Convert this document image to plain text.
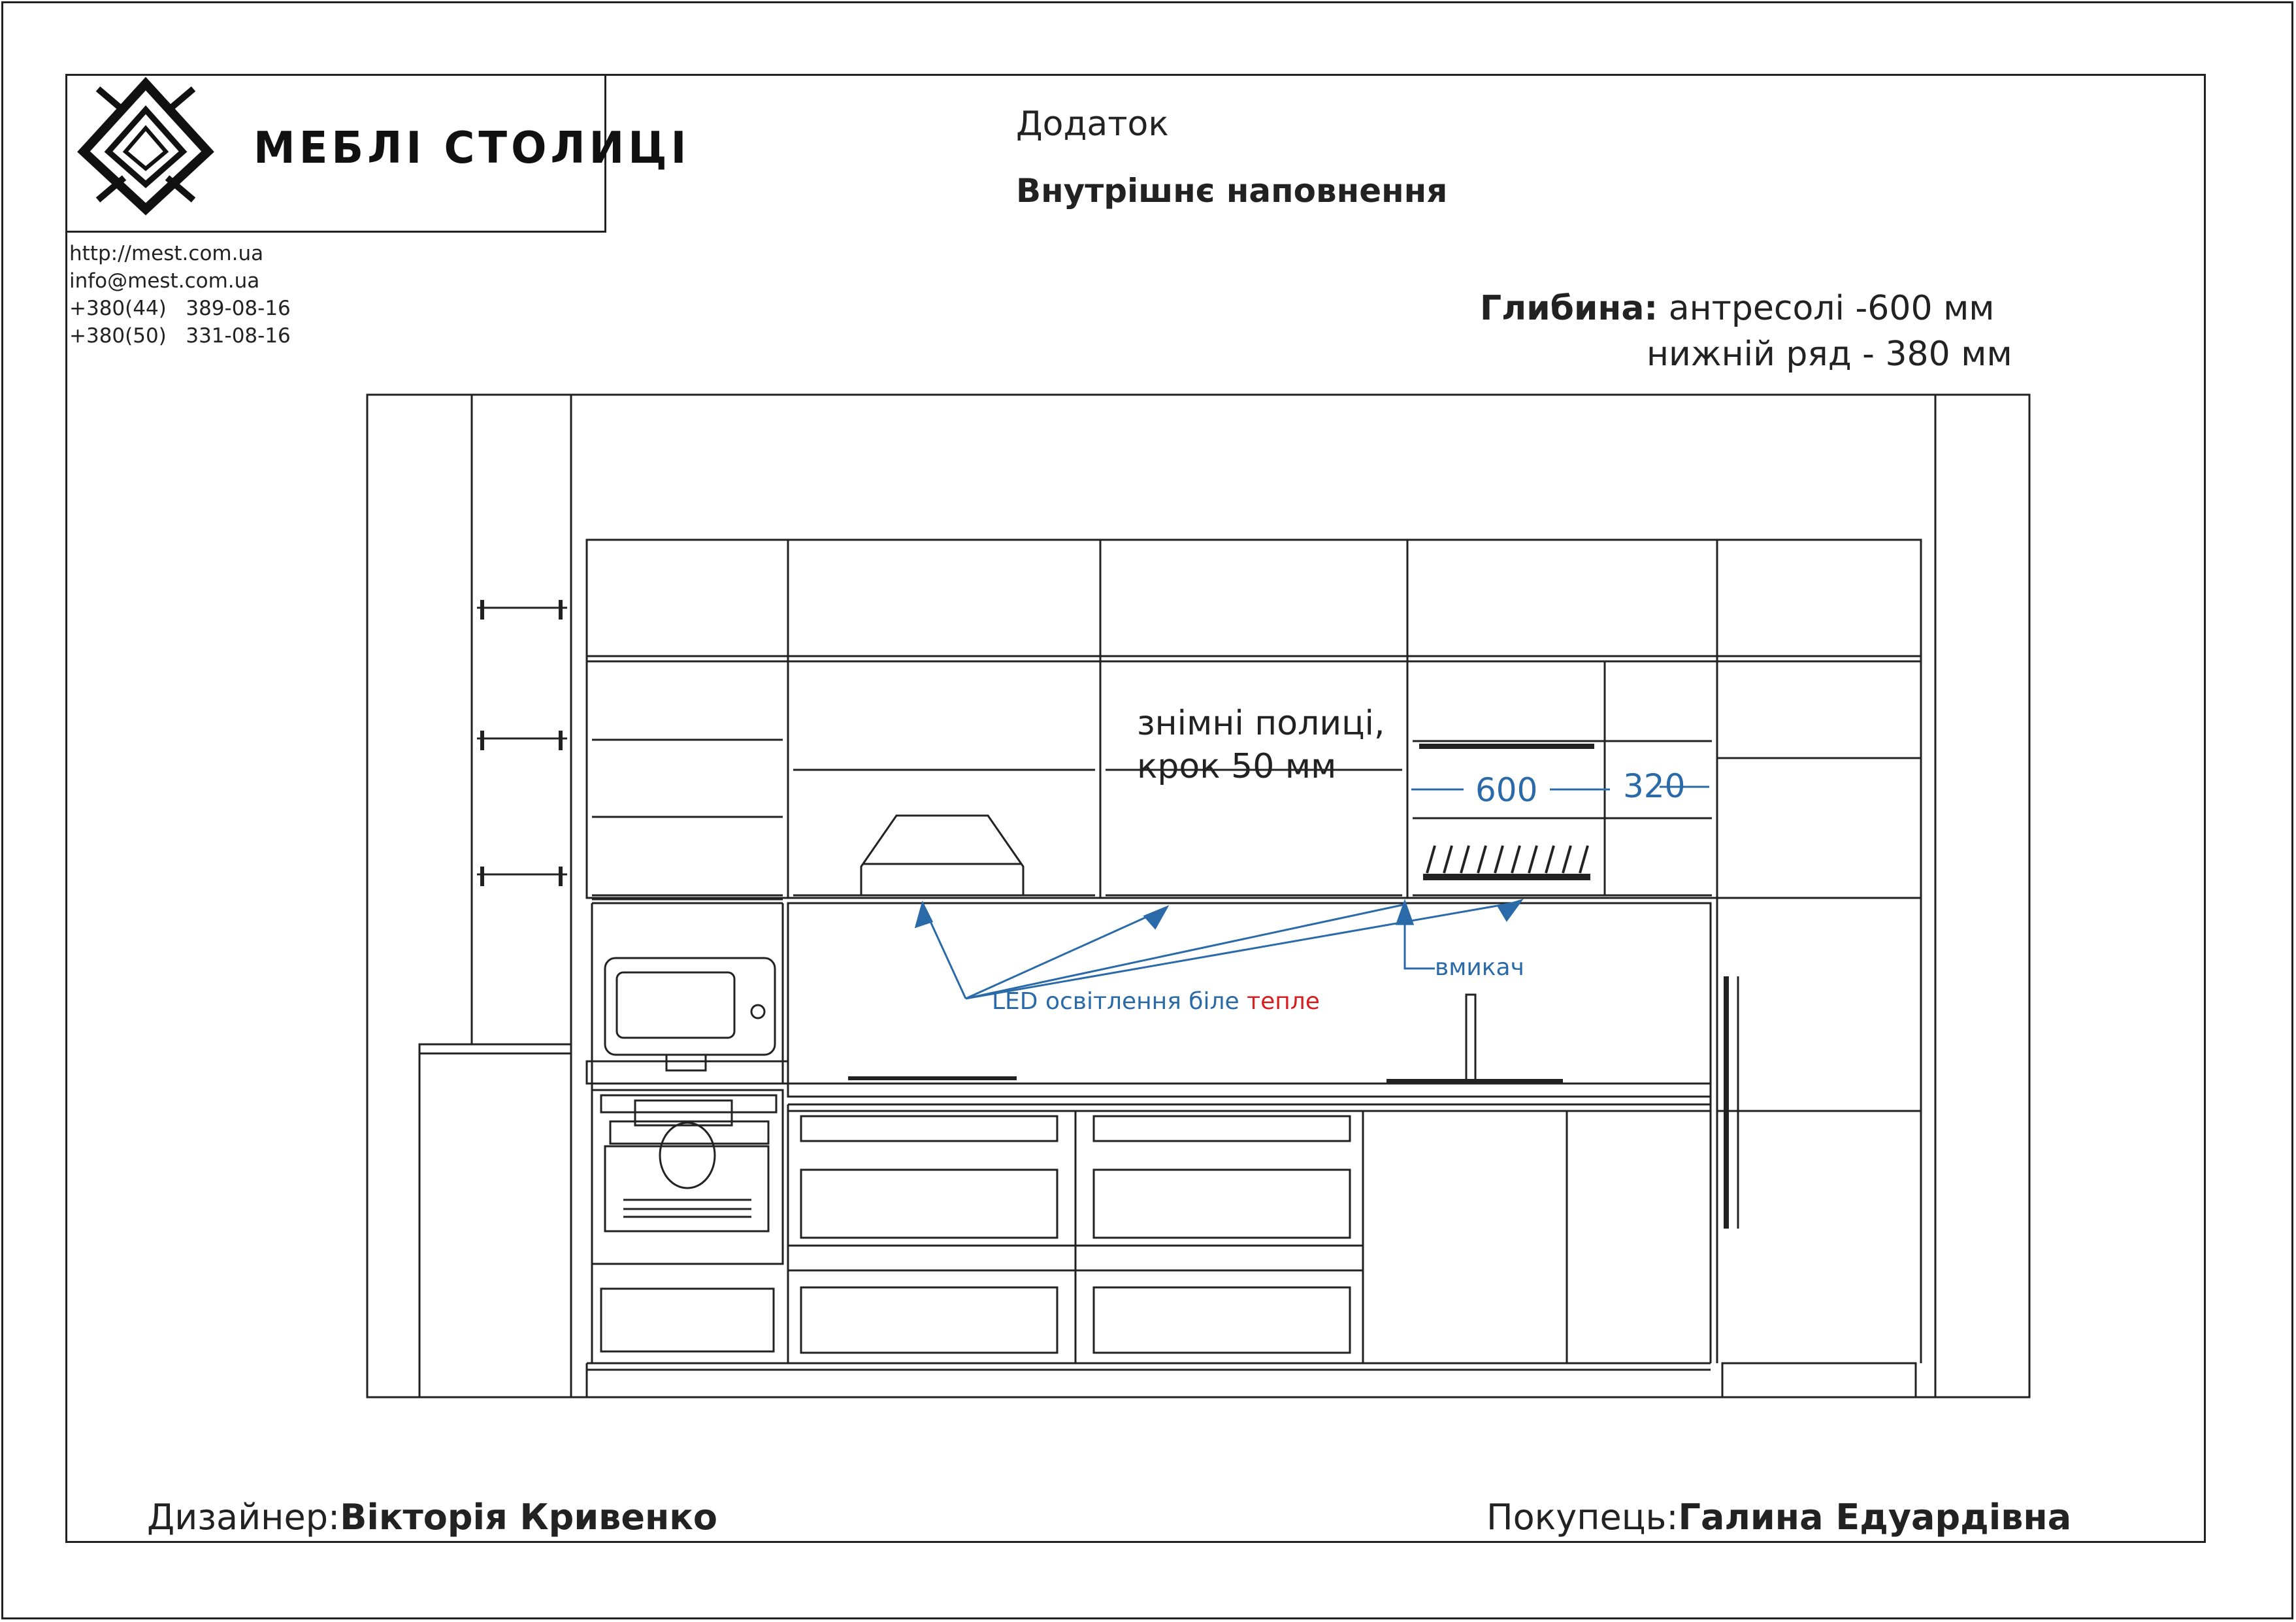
знімні полиці,
крок 50 мм
600	320
вмикач
LED освітлення біле тепле
МЕБЛІ СТОЛИЦІ
http://mest.com.ua
info@mest.com.ua
+380(44)   389-08-16
+380(50)   331-08-16
Додаток
Внутрішнє наповнення
Глибина: антресолі -600 мм
нижній ряд - 380 мм
Дизайнер:Вікторія Кривенко	Покупець:Галина Едуардівна
